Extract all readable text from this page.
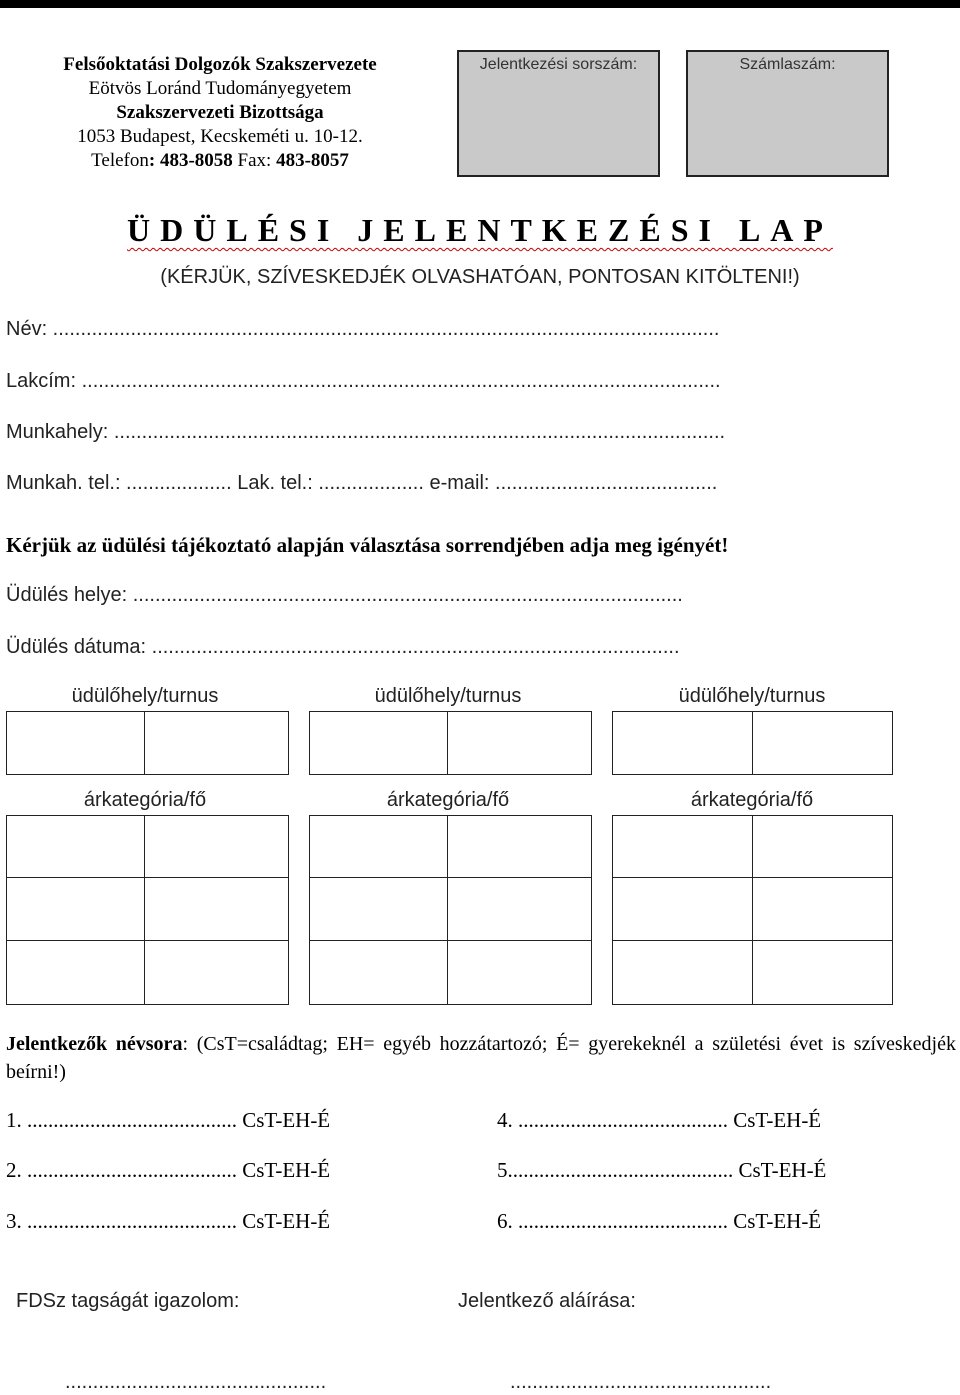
Felsőoktatási Dolgozók Szakszervezete
Eötvös Loránd Tudományegyetem
Szakszervezeti Bizottsága
1053 Budapest, Kecskeméti u. 10-12.
Telefon: 483-8058 Fax: 483-8057
Jelentkezési sorszám:	Számlaszám:
ÜDÜLÉSI JELENTKEZÉSI LAP
(KÉRJÜK, SZÍVESKEDJÉK OLVASHATÓAN, PONTOSAN KITÖLTENI!)
Név: ........................................................................................................................
Lakcím: ...................................................................................................................
Munkahely: ..............................................................................................................
Munkah. tel.: ................... Lak. tel.: ................... e-mail: ........................................
Kérjük az üdülési tájékoztató alapján választása sorrendjében adja meg igényét!
Üdülés helye: ...................................................................................................
Üdülés dátuma: ...............................................................................................
üdülőhely/turnus	üdülőhely/turnus	üdülőhely/turnus
árkategória/fő	árkategória/fő	árkategória/fő
Jelentkezők névsora: (CsT=családtag; EH= egyéb hozzátartozó; É= gyerekeknél a születési évet is szíveskedjék beírni!)
1. ........................................ CsT-EH-É	4. ........................................ CsT-EH-É
2. ........................................ CsT-EH-É	5........................................... CsT-EH-É
3. ........................................ CsT-EH-É	6. ........................................ CsT-EH-É
FDSz tagságát igazolom:	Jelentkező aláírása:
...............................................	...............................................
